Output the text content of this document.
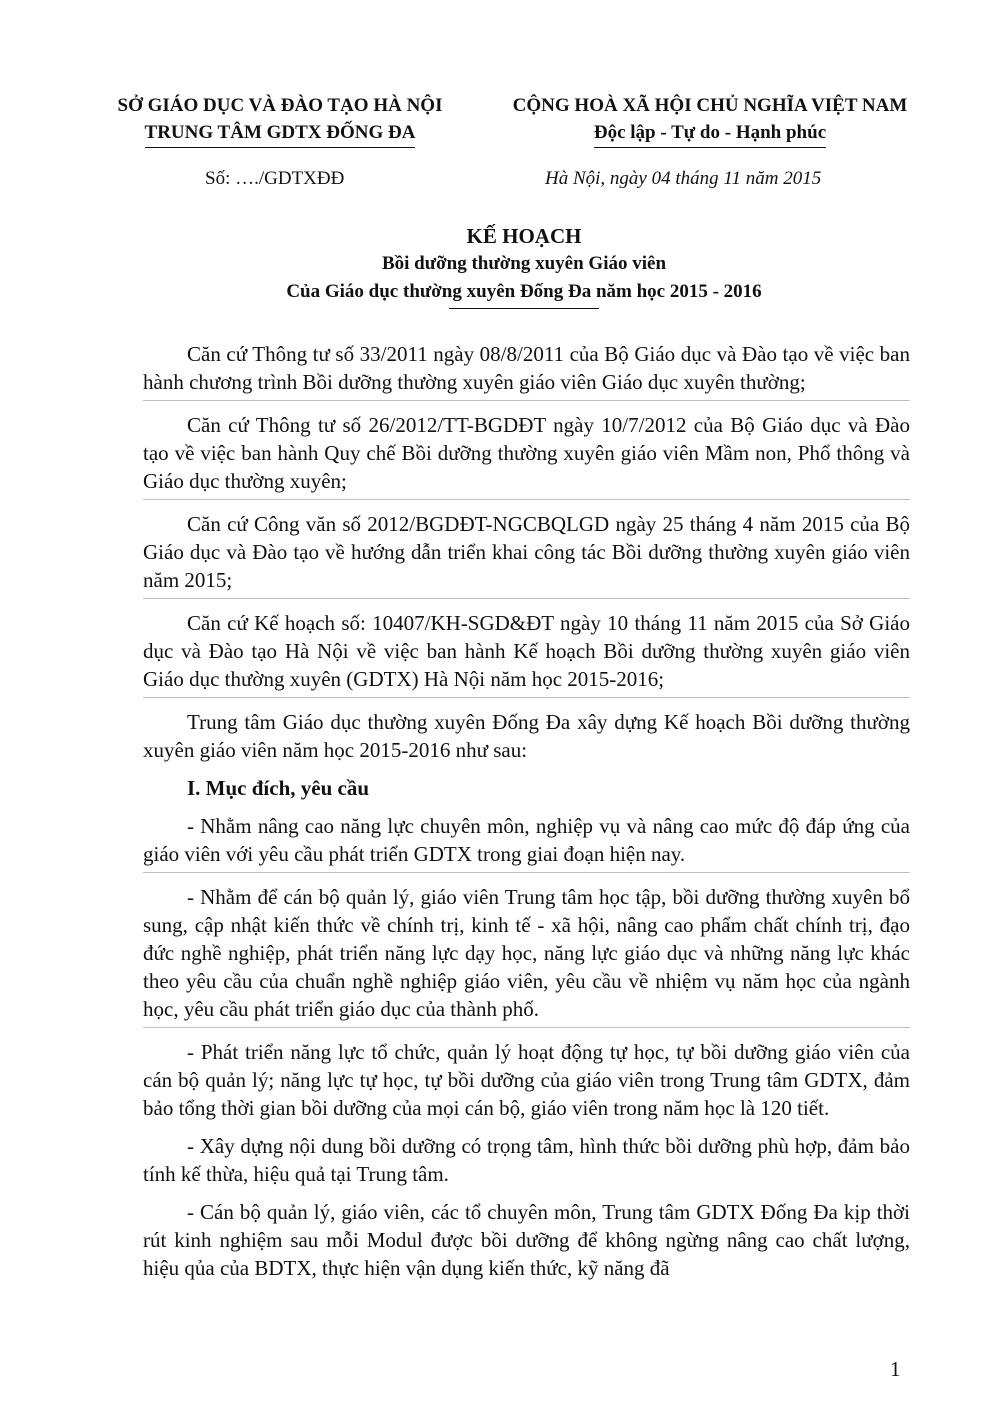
SỞ GIÁO DỤC VÀ ĐÀO TẠO HÀ NỘI
TRUNG TÂM GDTX ĐỐNG ĐA
CỘNG HOÀ XÃ HỘI CHỦ NGHĨA VIỆT NAM
Độc lập - Tự do - Hạnh phúc
Số: …./GDTXĐĐ	Hà Nội, ngày 04 tháng 11 năm 2015
KẾ HOẠCH
Bồi dưỡng thường xuyên Giáo viên
Của Giáo dục thường xuyên Đống Đa năm học 2015 - 2016

Căn cứ Thông tư số 33/2011 ngày 08/8/2011 của Bộ Giáo dục và Đào tạo về việc ban hành chương trình Bồi dưỡng thường xuyên giáo viên Giáo dục xuyên thường;

Căn cứ Thông tư số 26/2012/TT-BGDĐT ngày 10/7/2012 của Bộ Giáo dục và Đào tạo về việc ban hành Quy chế Bồi dưỡng thường xuyên giáo viên Mầm non, Phổ thông và Giáo dục thường xuyên;

Căn cứ Công văn số 2012/BGDĐT-NGCBQLGD ngày 25 tháng 4 năm 2015 của Bộ Giáo dục và Đào tạo về hướng dẫn triển khai công tác Bồi dưỡng thường xuyên giáo viên năm 2015;

Căn cứ Kế hoạch số: 10407/KH-SGD&ĐT ngày 10 tháng 11 năm 2015 của Sở Giáo dục và Đào tạo Hà Nội về việc ban hành Kế hoạch Bồi dưỡng thường xuyên giáo viên Giáo dục thường xuyên (GDTX) Hà Nội năm học 2015-2016;

Trung tâm Giáo dục thường xuyên Đống Đa xây dựng Kế hoạch Bồi dưỡng thường xuyên giáo viên năm học 2015-2016 như sau:

I. Mục đích, yêu cầu

- Nhằm nâng cao năng lực chuyên môn, nghiệp vụ và nâng cao mức độ đáp ứng của giáo viên với yêu cầu phát triển GDTX trong giai đoạn hiện nay.

- Nhằm để cán bộ quản lý, giáo viên Trung tâm học tập, bồi dưỡng thường xuyên bổ sung, cập nhật kiến thức về chính trị, kinh tế - xã hội, nâng cao phẩm chất chính trị, đạo đức nghề nghiệp, phát triển năng lực dạy học, năng lực giáo dục và những năng lực khác theo yêu cầu của chuẩn nghề nghiệp giáo viên, yêu cầu về nhiệm vụ năm học của ngành học, yêu cầu phát triển giáo dục của thành phố.

- Phát triển năng lực tổ chức, quản lý hoạt động tự học, tự bồi dưỡng giáo viên của cán bộ quản lý; năng lực tự học, tự bồi dưỡng của giáo viên trong Trung tâm GDTX, đảm bảo tổng thời gian bồi dưỡng của mọi cán bộ, giáo viên trong năm học là 120 tiết.

- Xây dựng nội dung bồi dưỡng có trọng tâm, hình thức bồi dưỡng phù hợp, đảm bảo tính kế thừa, hiệu quả tại Trung tâm.

- Cán bộ quản lý, giáo viên, các tổ chuyên môn, Trung tâm GDTX Đống Đa kịp thời rút kinh nghiệm sau mỗi Modul được bồi dưỡng để không ngừng nâng cao chất lượng, hiệu qủa của BDTX, thực hiện vận dụng kiến thức, kỹ năng đã

1
